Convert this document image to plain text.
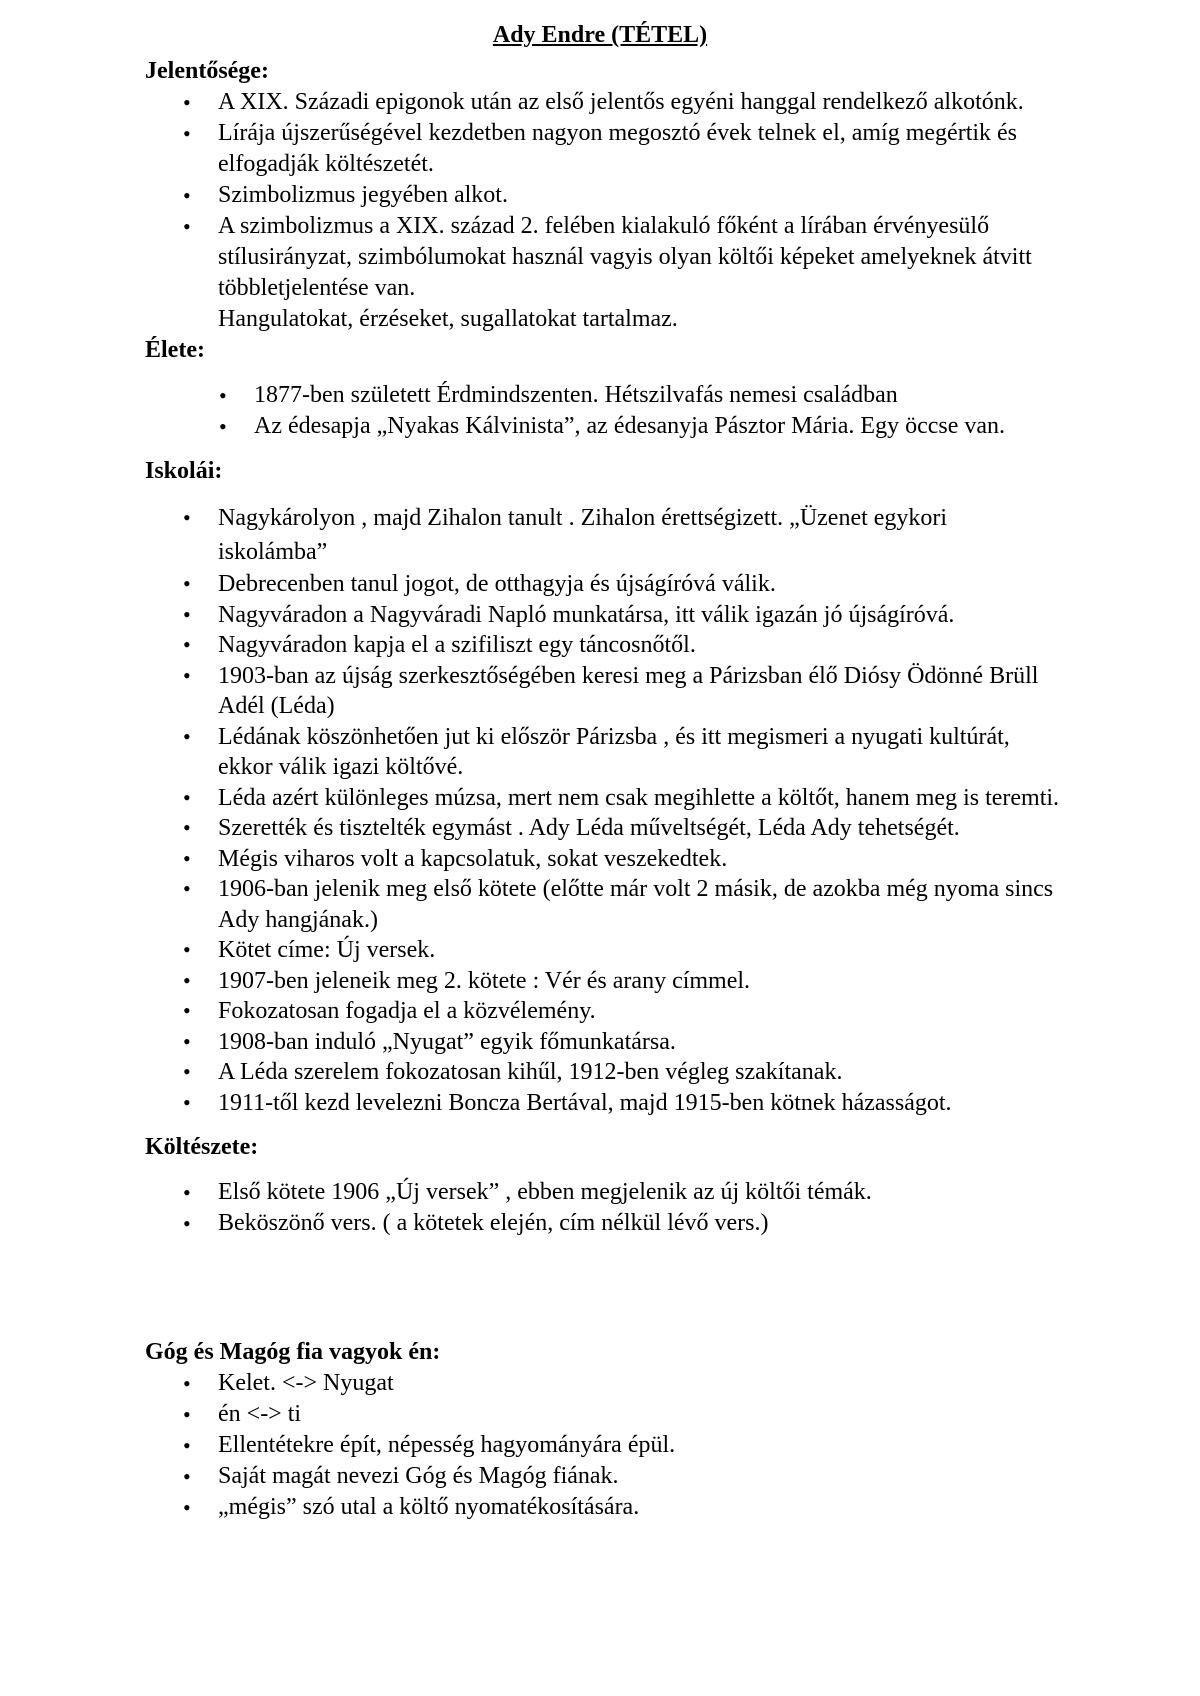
Ady Endre (TÉTEL)
Jelentősége:
• A XIX. Századi epigonok után az első jelentős egyéni hanggal rendelkező alkotónk.
• Lírája újszerűségével kezdetben nagyon megosztó évek telnek el, amíg megértik és elfogadják költészetét.
• Szimbolizmus jegyében alkot.
• A szimbolizmus a XIX. század 2. felében kialakuló főként a lírában érvényesülő stílusirányzat, szimbólumokat használ vagyis olyan költői képeket amelyeknek átvitt többletjelentése van.
Hangulatokat, érzéseket, sugallatokat tartalmaz.
Élete:
• 1877-ben született Érdmindszenten. Hétszilvafás nemesi családban
• Az édesapja „Nyakas Kálvinista”, az édesanyja Pásztor Mária. Egy öccse van.
Iskolái:
• Nagykárolyon , majd Zihalon tanult . Zihalon érettségizett. „Üzenet egykori iskolámba”
• Debrecenben tanul jogot, de otthagyja és újságíróvá válik.
• Nagyváradon a Nagyváradi Napló munkatársa, itt válik igazán jó újságíróvá.
• Nagyváradon kapja el a szifiliszt egy táncosnőtől.
• 1903-ban az újság szerkesztőségében keresi meg a Párizsban élő Diósy Ödönné Brüll Adél (Léda)
• Lédának köszönhetően jut ki először Párizsba , és itt megismeri a nyugati kultúrát, ekkor válik igazi költővé.
• Léda azért különleges múzsa, mert nem csak megihlette a költőt, hanem meg is teremti.
• Szerették és tisztelték egymást . Ady Léda műveltségét, Léda Ady tehetségét.
• Mégis viharos volt a kapcsolatuk, sokat veszekedtek.
• 1906-ban jelenik meg első kötete (előtte már volt 2 másik, de azokba még nyoma sincs Ady hangjának.)
• Kötet címe: Új versek.
• 1907-ben jeleneik meg 2. kötete : Vér és arany címmel.
• Fokozatosan fogadja el a közvélemény.
• 1908-ban induló „Nyugat” egyik főmunkatársa.
• A Léda szerelem fokozatosan kihűl, 1912-ben végleg szakítanak.
• 1911-től kezd levelezni Boncza Bertával, majd 1915-ben kötnek házasságot.
Költészete:
• Első kötete 1906 „Új versek” , ebben megjelenik az új költői témák.
• Beköszönő vers. ( a kötetek elején, cím nélkül lévő vers.)
Góg és Magóg fia vagyok én:
• Kelet. <-> Nyugat
• én <-> ti
• Ellentétekre épít, népesség hagyományára épül.
• Saját magát nevezi Góg és Magóg fiának.
• „mégis” szó utal a költő nyomatékosítására.
